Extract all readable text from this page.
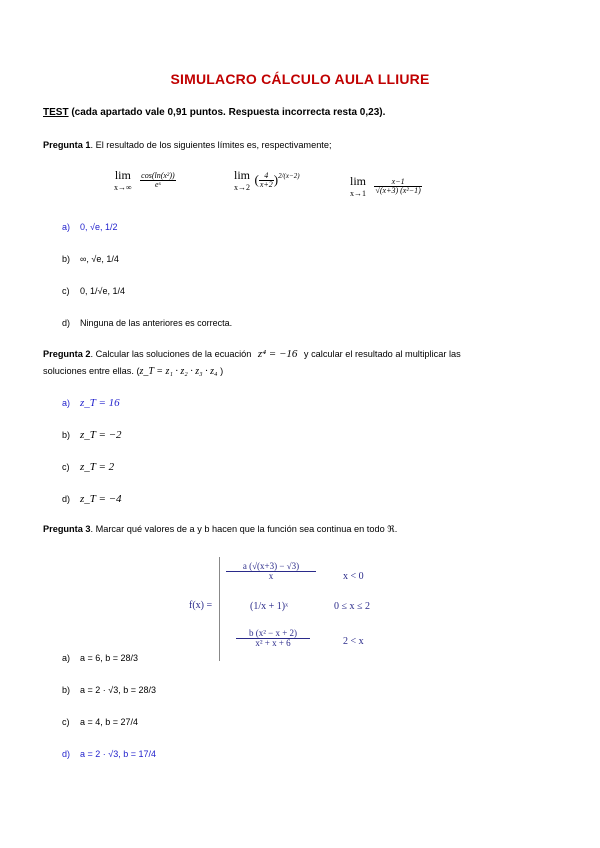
SIMULACRO CÁLCULO AULA LLIURE
TEST (cada apartado vale 0,91 puntos. Respuesta incorrecta resta 0,23).
Pregunta 1. El resultado de los siguientes límites es, respectivamente;
lim
x→∞
$\frac{\text{cos(ln(x²))}}{\text{eˣ}}$	lim
x→2
( $\frac{4}{x+2} )^{2/(x-2)}$	lim
x→1
$\frac{x-1}{\text{√(x+3) (x²−1)}}$
a) 0, √e, 1/2
b) ∞, √e, 1/4
c) 0, 1/√e, 1/4
d) Ninguna de las anteriores es correcta.
Pregunta 2. Calcular las soluciones de la ecuación z⁴ = −16 y calcular el resultado al multiplicar las
soluciones entre ellas. (z_T = z₁ · z₂ · z₃ · z₄ )
a) z_T = 16
b) z_T = −2
c) z_T = 2
d) z_T = −4
Pregunta 3. Marcar qué valores de a y b hacen que la función sea continua en todo ℜ.
f(x) =
$\frac{a (√(x+3) - √3)}{x}$	x < 0
(1/x + 1)ˣ	0 ≤ x ≤ 2
$\frac{\text{b (x² − x + 2)}}{\text{x² + x + 6}}$	2 < x
a) a = 6, b = 28/3
b) a = 2 · √3, b = 28/3
c) a = 4, b = 27/4
d) a = 2 · √3, b = 17/4
